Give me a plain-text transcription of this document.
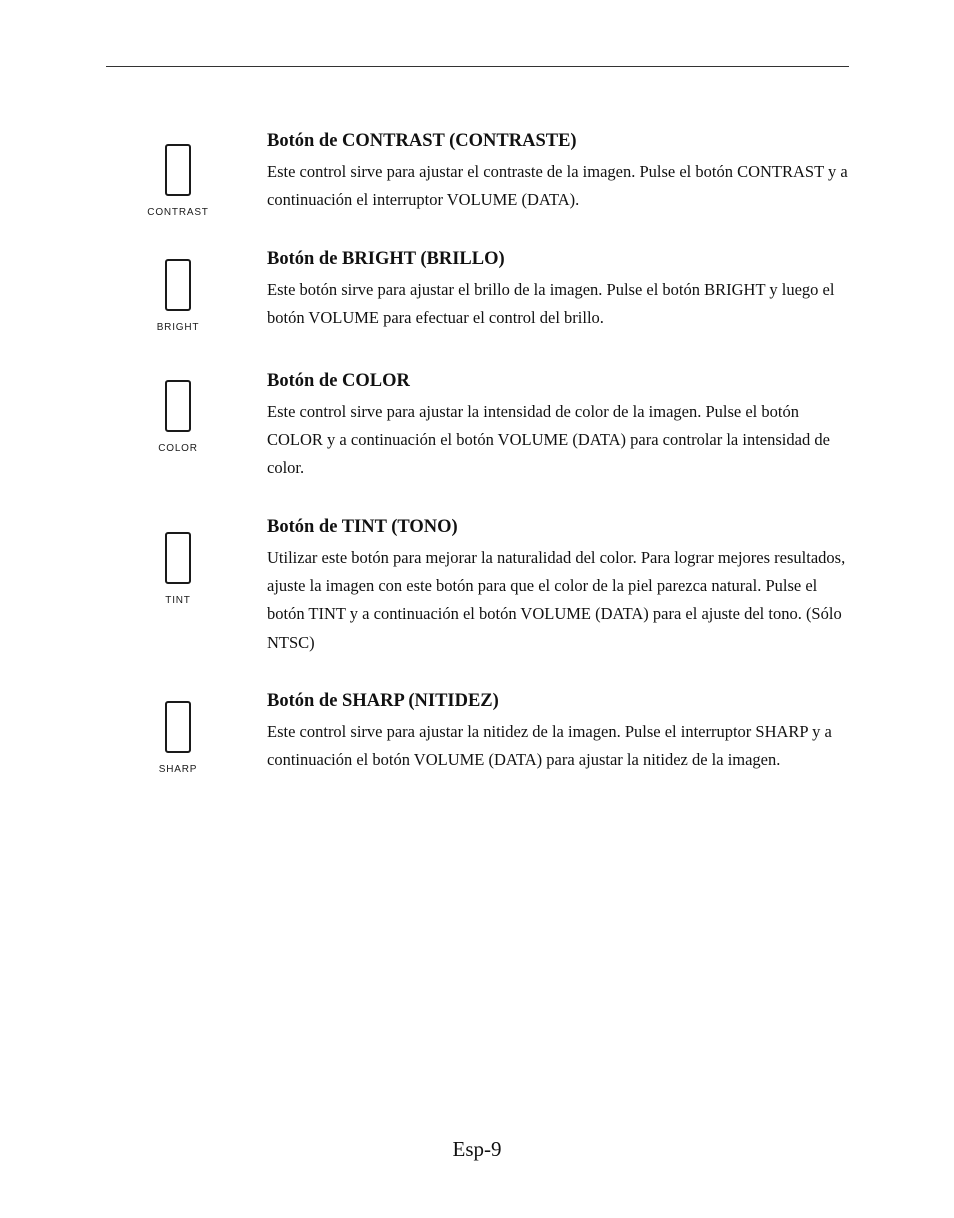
CONTRAST
Botón de CONTRAST (CONTRASTE)

Este control sirve para ajustar el contraste de la imagen. Pulse el botón CONTRAST y a continuación el interruptor VOLUME (DATA).

BRIGHT
Botón de BRIGHT (BRILLO)

Este botón sirve para ajustar el brillo de la imagen. Pulse el botón BRIGHT y luego el botón VOLUME para efectuar el control del brillo.

COLOR
Botón de COLOR

Este control sirve para ajustar la intensidad de color de la imagen. Pulse el botón COLOR y a continuación el botón VOLUME (DATA) para controlar la intensidad de color.

TINT
Botón de TINT (TONO)

Utilizar este botón para mejorar la naturalidad del color. Para lograr mejores resultados, ajuste la imagen con este botón para que el color de la piel parezca natural. Pulse el botón TINT y a continuación el botón VOLUME (DATA) para el ajuste del tono. (Sólo NTSC)

SHARP
Botón de SHARP (NITIDEZ)

Este control sirve para ajustar la nitidez de la imagen. Pulse el interruptor SHARP y a continuación el botón VOLUME (DATA) para ajustar la nitidez de la imagen.

Esp-9
